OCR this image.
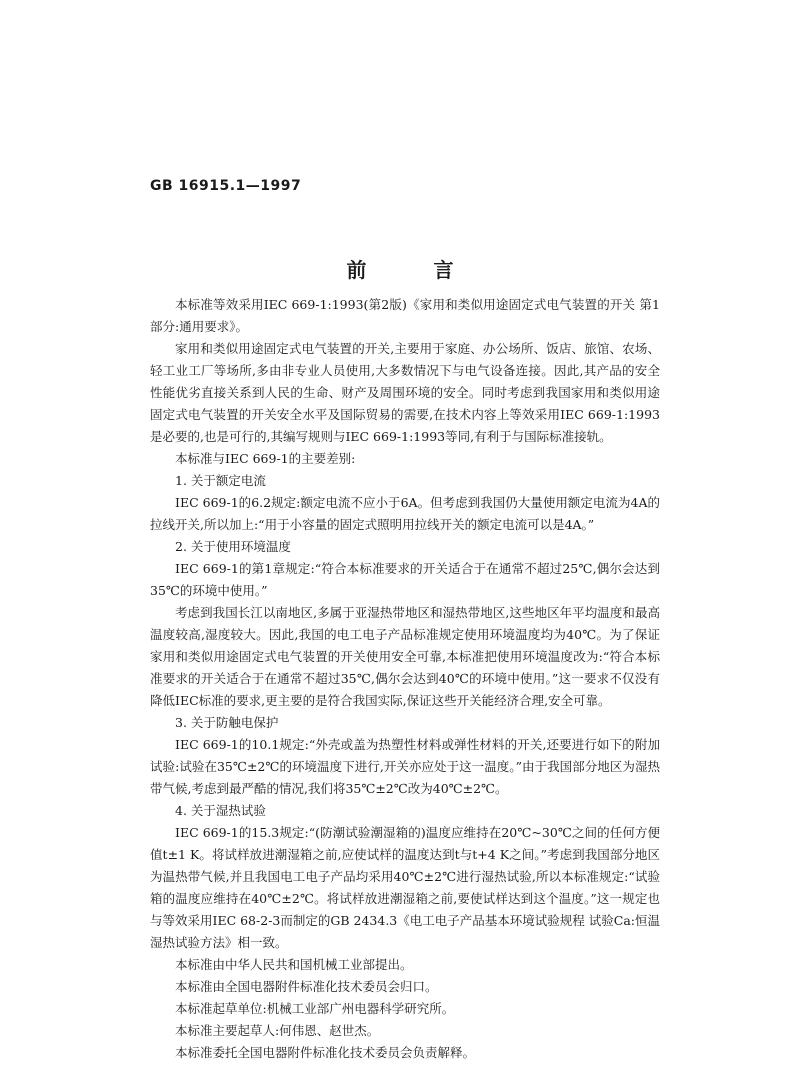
GB 16915.1—1997
前 言

本标准等效采用IEC 669-1:1993(第2版)《家用和类似用途固定式电气装置的开关 第1部分:通用要求》。

家用和类似用途固定式电气装置的开关,主要用于家庭、办公场所、饭店、旅馆、农场、轻工业工厂等场所,多由非专业人员使用,大多数情况下与电气设备连接。因此,其产品的安全性能优劣直接关系到人民的生命、财产及周围环境的安全。同时考虑到我国家用和类似用途固定式电气装置的开关安全水平及国际贸易的需要,在技术内容上等效采用IEC 669-1:1993是必要的,也是可行的,其编写规则与IEC 669-1:1993等同,有利于与国际标准接轨。

本标准与IEC 669-1的主要差别:

1. 关于额定电流

IEC 669-1的6.2规定:额定电流不应小于6A。但考虑到我国仍大量使用额定电流为4A的拉线开关,所以加上:“用于小容量的固定式照明用拉线开关的额定电流可以是4A。”

2. 关于使用环境温度

IEC 669-1的第1章规定:“符合本标准要求的开关适合于在通常不超过25℃,偶尔会达到35℃的环境中使用。”

考虑到我国长江以南地区,多属于亚湿热带地区和湿热带地区,这些地区年平均温度和最高温度较高,湿度较大。因此,我国的电工电子产品标准规定使用环境温度均为40℃。为了保证家用和类似用途固定式电气装置的开关使用安全可靠,本标准把使用环境温度改为:“符合本标准要求的开关适合于在通常不超过35℃,偶尔会达到40℃的环境中使用。”这一要求不仅没有降低IEC标准的要求,更主要的是符合我国实际,保证这些开关能经济合理,安全可靠。

3. 关于防触电保护

IEC 669-1的10.1规定:“外壳或盖为热塑性材料或弹性材料的开关,还要进行如下的附加试验:试验在35℃±2℃的环境温度下进行,开关亦应处于这一温度。”由于我国部分地区为湿热带气候,考虑到最严酷的情况,我们将35℃±2℃改为40℃±2℃。

4. 关于湿热试验

IEC 669-1的15.3规定:“(防潮试验潮湿箱的)温度应维持在20℃~30℃之间的任何方便值t±1 K。将试样放进潮湿箱之前,应使试样的温度达到t与t+4 K之间。”考虑到我国部分地区为温热带气候,并且我国电工电子产品均采用40℃±2℃进行湿热试验,所以本标准规定:“试验箱的温度应维持在40℃±2℃。将试样放进潮湿箱之前,要使试样达到这个温度。”这一规定也与等效采用IEC 68-2-3而制定的GB 2434.3《电工电子产品基本环境试验规程 试验Ca:恒温湿热试验方法》相一致。

本标准由中华人民共和国机械工业部提出。

本标准由全国电器附件标准化技术委员会归口。

本标准起草单位:机械工业部广州电器科学研究所。

本标准主要起草人:何伟恩、赵世杰。

本标准委托全国电器附件标准化技术委员会负责解释。
